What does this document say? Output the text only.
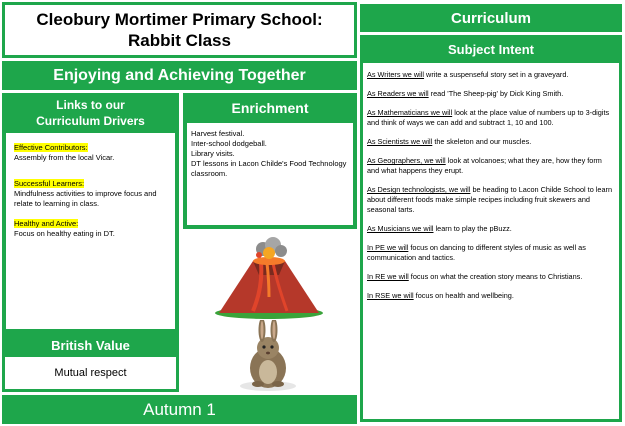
Cleobury Mortimer Primary School:
Rabbit Class
Enjoying and Achieving Together
Links to our
Curriculum Drivers
Effective Contributors:
Assembly from the local Vicar.
Successful Learners:
Mindfulness activities to improve focus and relate to learning in class.
Healthy and Active:
Focus on healthy eating in DT.
Enrichment
Harvest festival.
Inter-school dodgeball.
Library visits.
DT lessons in Lacon Childe's Food Technology classroom.
British Value
Mutual respect
Autumn 1
Curriculum
Subject Intent

As Writers we will write a suspenseful story set in a graveyard.

As Readers we will read 'The Sheep-pig' by Dick King Smith.

As Mathematicians we will look at the place value of numbers up to 3-digits and think of ways we can add and subtract 1, 10 and 100.

As Scientists we will the skeleton and our muscles.

As Geographers, we will look at volcanoes; what they are, how they form and what happens they erupt.

As Design technologists, we will be heading to Lacon Childe School to learn about different foods make simple recipes including fruit skewers and seasonal tarts.

As Musicians we will learn to play the pBuzz.

In PE we will focus on dancing to different styles of music as well as communication and tactics.

In RE we will focus on what the creation story means to Christians.

In RSE we will focus on health and wellbeing.
